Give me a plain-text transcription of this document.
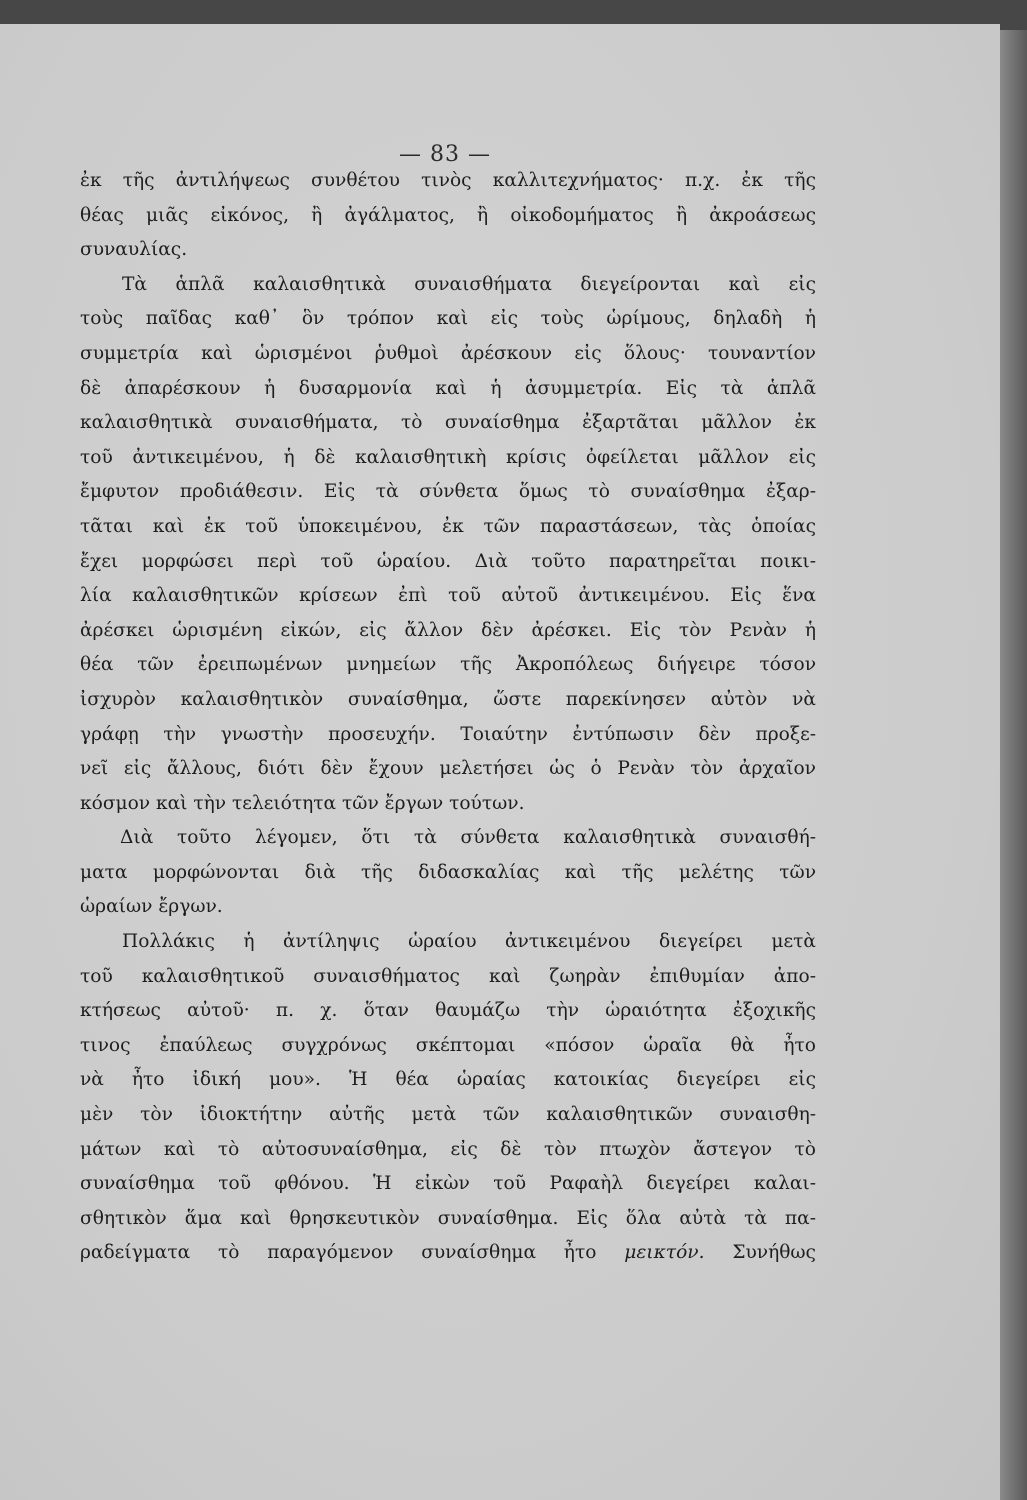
— 83 —
ἐκ τῆς ἀντιλήψεως συνθέτου τινὸς καλλιτεχνήματος· π.χ. ἐκ τῆς
θέας μιᾶς εἰκόνος, ἢ ἀγάλματος, ἢ οἰκοδομήματος ἢ ἀκροάσεως
συναυλίας.
Τὰ ἁπλᾶ καλαισθητικὰ συναισθήματα διεγείρονται καὶ εἰς
τοὺς παῖδας καθ᾽ ὃν τρόπον καὶ εἰς τοὺς ὡρίμους, δηλαδὴ ἡ
συμμετρία καὶ ὡρισμένοι ῥυθμοὶ ἀρέσκουν εἰς ὅλους· τουναντίον
δὲ ἀπαρέσκουν ἡ δυσαρμονία καὶ ἡ ἀσυμμετρία. Εἰς τὰ ἁπλᾶ
καλαισθητικὰ συναισθήματα, τὸ συναίσθημα ἐξαρτᾶται μᾶλλον ἐκ
τοῦ ἀντικειμένου, ἡ δὲ καλαισθητικὴ κρίσις ὀφείλεται μᾶλλον εἰς
ἔμφυτον προδιάθεσιν. Εἰς τὰ σύνθετα ὅμως τὸ συναίσθημα ἐξαρ-
τᾶται καὶ ἐκ τοῦ ὑποκειμένου, ἐκ τῶν παραστάσεων, τὰς ὁποίας
ἔχει μορφώσει περὶ τοῦ ὡραίου. Διὰ τοῦτο παρατηρεῖται ποικι-
λία καλαισθητικῶν κρίσεων ἐπὶ τοῦ αὐτοῦ ἀντικειμένου. Εἰς ἕνα
ἀρέσκει ὡρισμένη εἰκών, εἰς ἄλλον δὲν ἀρέσκει. Εἰς τὸν Ρενὰν ἡ
θέα τῶν ἐρειπωμένων μνημείων τῆς Ἀκροπόλεως διήγειρε τόσον
ἰσχυρὸν καλαισθητικὸν συναίσθημα, ὥστε παρεκίνησεν αὐτὸν νὰ
γράφῃ τὴν γνωστὴν προσευχήν. Τοιαύτην ἐντύπωσιν δὲν προξε-
νεῖ εἰς ἄλλους, διότι δὲν ἔχουν μελετήσει ὡς ὁ Ρενὰν τὸν ἀρχαῖον
κόσμον καὶ τὴν τελειότητα τῶν ἔργων τούτων.
Διὰ τοῦτο λέγομεν, ὅτι τὰ σύνθετα καλαισθητικὰ συναισθή-
ματα μορφώνονται διὰ τῆς διδασκαλίας καὶ τῆς μελέτης τῶν
ὡραίων ἔργων.
Πολλάκις ἡ ἀντίληψις ὡραίου ἀντικειμένου διεγείρει μετὰ
τοῦ καλαισθητικοῦ συναισθήματος καὶ ζωηρὰν ἐπιθυμίαν ἀπο-
κτήσεως αὐτοῦ· π. χ. ὅταν θαυμάζω τὴν ὡραιότητα ἐξοχικῆς
τινος ἐπαύλεως συγχρόνως σκέπτομαι «πόσον ὡραῖα θὰ ἦτο
νὰ ἦτο ἰδική μου». Ἡ θέα ὡραίας κατοικίας διεγείρει εἰς
μὲν τὸν ἰδιοκτήτην αὐτῆς μετὰ τῶν καλαισθητικῶν συναισθη-
μάτων καὶ τὸ αὐτοσυναίσθημα, εἰς δὲ τὸν πτωχὸν ἄστεγον τὸ
συναίσθημα τοῦ φθόνου. Ἡ εἰκὼν τοῦ Ραφαὴλ διεγείρει καλαι-
σθητικὸν ἅμα καὶ θρησκευτικὸν συναίσθημα. Εἰς ὅλα αὐτὰ τὰ πα-
ραδείγματα τὸ παραγόμενον συναίσθημα ἦτο μεικτόν. Συνήθως
